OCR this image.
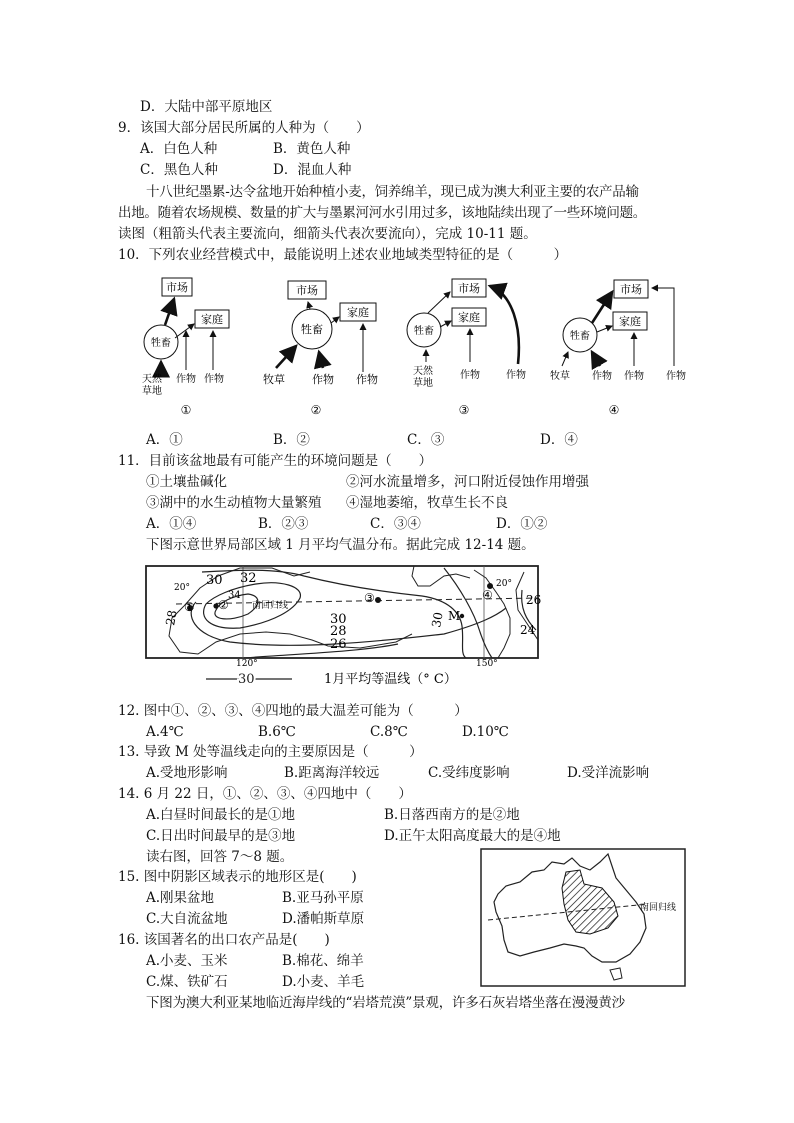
D．大陆中部平原地区
9．该国大部分居民所属的人种为（　　）
A．白色人种	B．黄色人种
C．黑色人种	D．混血人种
十八世纪墨累-达令盆地开始种植小麦，饲养绵羊，现已成为澳大利亚主要的农产品输
出地。随着农场规模、数量的扩大与墨累河河水引用过多，该地陆续出现了一些环境问题。
读图（粗箭头代表主要流向，细箭头代表次要流向），完成 10-11 题。
10．下列农业经营模式中，最能说明上述农业地域类型特征的是（　　　）
市场
家庭
牲畜
天然
草地
作物 作物
①
市场
家庭
牲畜
牧草 作物 作物
②
市场
家庭
牲畜
天然
草地
作物	作物
③
市场
家庭
牲畜
牧草 作物 作物 作物
④
A．①	B．②	C．③	D．④
11．目前该盆地最有可能产生的环境问题是（　　）
①土壤盐碱化	②河水流量增多，河口附近侵蚀作用增强
③湖中的水生动植物大量繁殖 ④湿地萎缩，牧草生长不良
A．①④	B．②③	C．③④	D．①②
下图示意世界局部区域 1 月平均气温分布。据此完成 12-14 题。
20° 30 32
34
30
28
26
28	30
26
24
20°
120°	150°
南回归线
① ②	③	④
M
30	1月平均等温线（° C）
12. 图中①、②、③、④四地的最大温差可能为（　　　）
A.4℃	B.6℃	C.8℃	D.10℃
13. 导致 M 处等温线走向的主要原因是（　　　）
A.受地形影响	B.距离海洋较远	C.受纬度影响	D.受洋流影响
14. 6 月 22 日，①、②、③、④四地中（　　）
A.白昼时间最长的是①地	B.日落西南方的是②地
C.日出时间最早的是③地	D.正午太阳高度最大的是④地
读右图，回答 7～8 题。
15. 图中阴影区域表示的地形区是(　　)
A.刚果盆地	B.亚马孙平原
C.大自流盆地	D.潘帕斯草原
16. 该国著名的出口农产品是(　　)
A.小麦、玉米	B.棉花、绵羊
C.煤、铁矿石	D.小麦、羊毛
南回归线
下图为澳大利亚某地临近海岸线的“岩塔荒漠”景观，许多石灰岩塔坐落在漫漫黄沙
